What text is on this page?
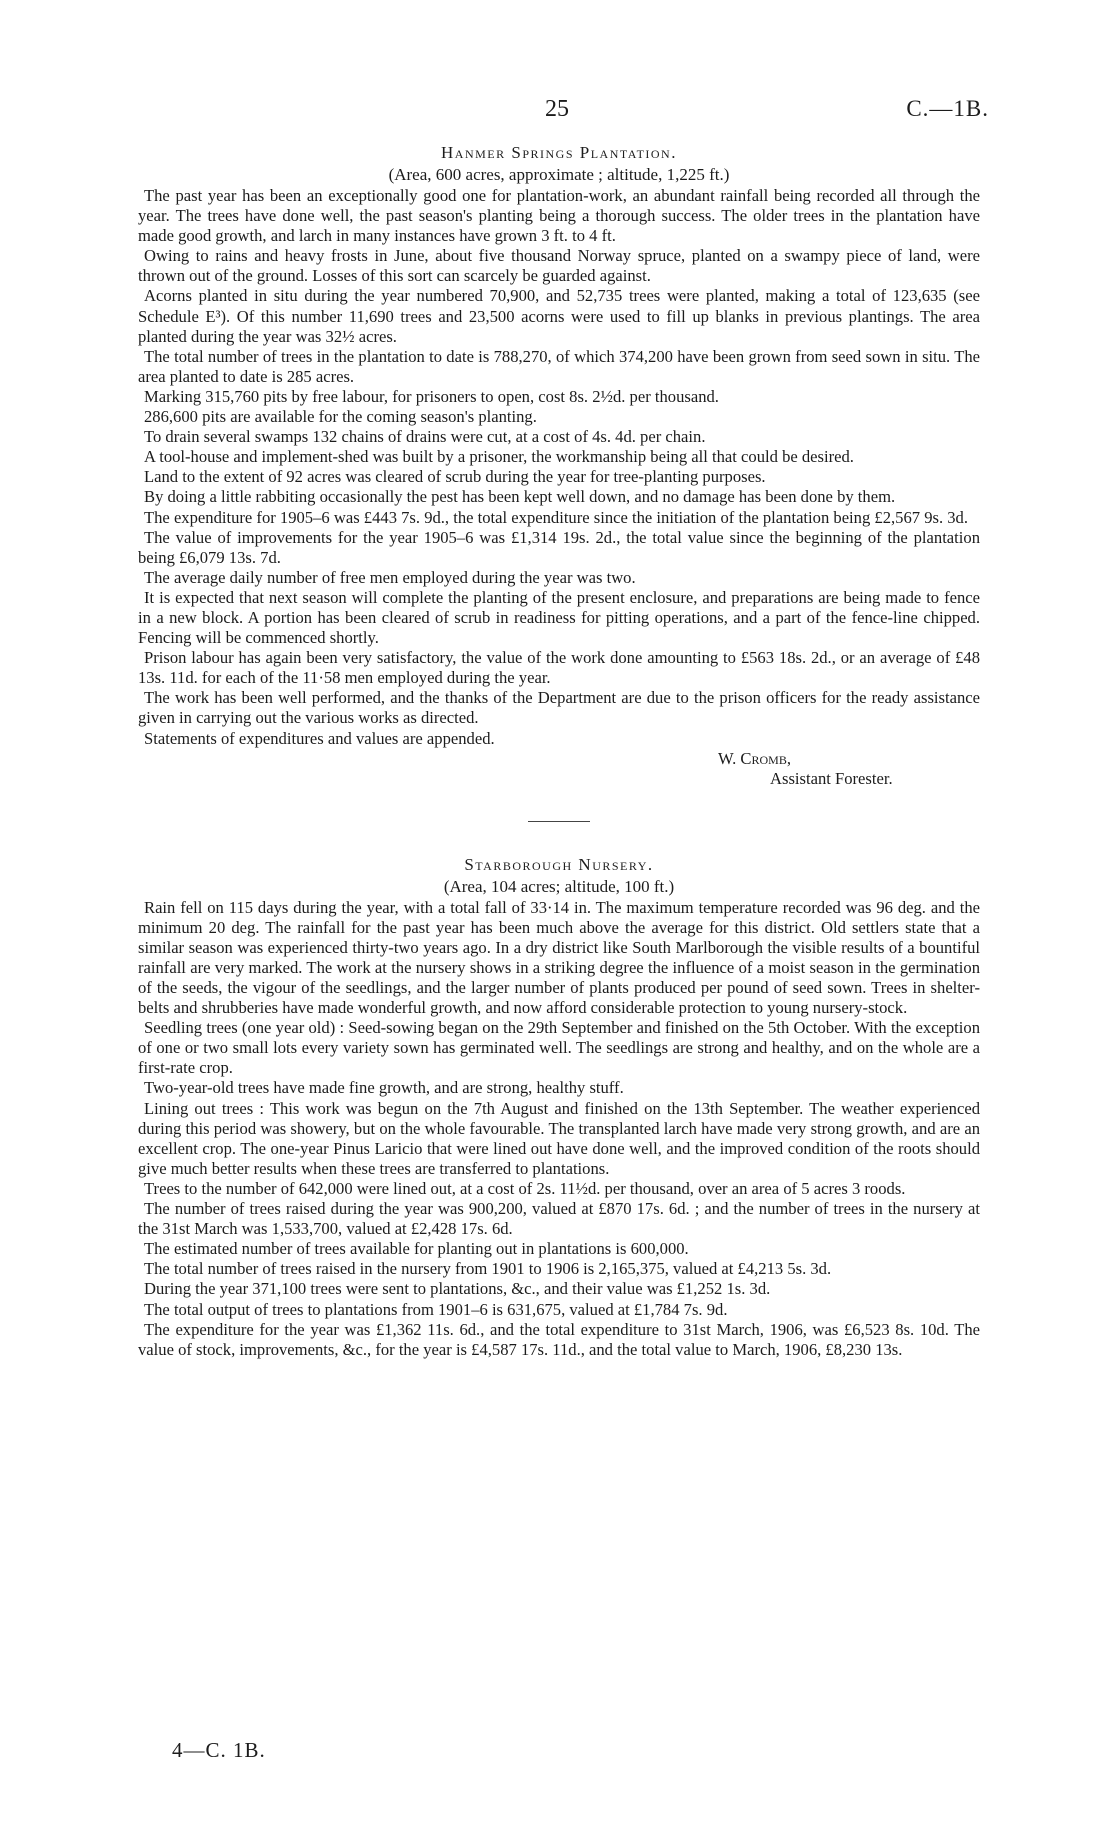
25	C.—1B.
Hanmer Springs Plantation.
(Area, 600 acres, approximate ; altitude, 1,225 ft.)

The past year has been an exceptionally good one for plantation-work, an abundant rainfall being recorded all through the year. The trees have done well, the past season's planting being a thorough success. The older trees in the plantation have made good growth, and larch in many instances have grown 3 ft. to 4 ft.

Owing to rains and heavy frosts in June, about five thousand Norway spruce, planted on a swampy piece of land, were thrown out of the ground. Losses of this sort can scarcely be guarded against.

Acorns planted in situ during the year numbered 70,900, and 52,735 trees were planted, making a total of 123,635 (see Schedule E³). Of this number 11,690 trees and 23,500 acorns were used to fill up blanks in previous plantings. The area planted during the year was 32½ acres.

The total number of trees in the plantation to date is 788,270, of which 374,200 have been grown from seed sown in situ. The area planted to date is 285 acres.

Marking 315,760 pits by free labour, for prisoners to open, cost 8s. 2½d. per thousand.

286,600 pits are available for the coming season's planting.

To drain several swamps 132 chains of drains were cut, at a cost of 4s. 4d. per chain.

A tool-house and implement-shed was built by a prisoner, the workmanship being all that could be desired.

Land to the extent of 92 acres was cleared of scrub during the year for tree-planting purposes.

By doing a little rabbiting occasionally the pest has been kept well down, and no damage has been done by them.

The expenditure for 1905–6 was £443 7s. 9d., the total expenditure since the initiation of the plantation being £2,567 9s. 3d.

The value of improvements for the year 1905–6 was £1,314 19s. 2d., the total value since the beginning of the plantation being £6,079 13s. 7d.

The average daily number of free men employed during the year was two.

It is expected that next season will complete the planting of the present enclosure, and preparations are being made to fence in a new block. A portion has been cleared of scrub in readiness for pitting operations, and a part of the fence-line chipped. Fencing will be commenced shortly.

Prison labour has again been very satisfactory, the value of the work done amounting to £563 18s. 2d., or an average of £48 13s. 11d. for each of the 11·58 men employed during the year.

The work has been well performed, and the thanks of the Department are due to the prison officers for the ready assistance given in carrying out the various works as directed.

Statements of expenditures and values are appended.

W. Cromb,
Assistant Forester.
Starborough Nursery.
(Area, 104 acres; altitude, 100 ft.)

Rain fell on 115 days during the year, with a total fall of 33·14 in. The maximum temperature recorded was 96 deg. and the minimum 20 deg. The rainfall for the past year has been much above the average for this district. Old settlers state that a similar season was experienced thirty-two years ago. In a dry district like South Marlborough the visible results of a bountiful rainfall are very marked. The work at the nursery shows in a striking degree the influence of a moist season in the germination of the seeds, the vigour of the seedlings, and the larger number of plants produced per pound of seed sown. Trees in shelter-belts and shrubberies have made wonderful growth, and now afford considerable protection to young nursery-stock.

Seedling trees (one year old) : Seed-sowing began on the 29th September and finished on the 5th October. With the exception of one or two small lots every variety sown has germinated well. The seedlings are strong and healthy, and on the whole are a first-rate crop.

Two-year-old trees have made fine growth, and are strong, healthy stuff.

Lining out trees : This work was begun on the 7th August and finished on the 13th September. The weather experienced during this period was showery, but on the whole favourable. The transplanted larch have made very strong growth, and are an excellent crop. The one-year Pinus Laricio that were lined out have done well, and the improved condition of the roots should give much better results when these trees are transferred to plantations.

Trees to the number of 642,000 were lined out, at a cost of 2s. 11½d. per thousand, over an area of 5 acres 3 roods.

The number of trees raised during the year was 900,200, valued at £870 17s. 6d. ; and the number of trees in the nursery at the 31st March was 1,533,700, valued at £2,428 17s. 6d.

The estimated number of trees available for planting out in plantations is 600,000.

The total number of trees raised in the nursery from 1901 to 1906 is 2,165,375, valued at £4,213 5s. 3d.

During the year 371,100 trees were sent to plantations, &c., and their value was £1,252 1s. 3d.

The total output of trees to plantations from 1901–6 is 631,675, valued at £1,784 7s. 9d.

The expenditure for the year was £1,362 11s. 6d., and the total expenditure to 31st March, 1906, was £6,523 8s. 10d. The value of stock, improvements, &c., for the year is £4,587 17s. 11d., and the total value to March, 1906, £8,230 13s.

4—C. 1B.
